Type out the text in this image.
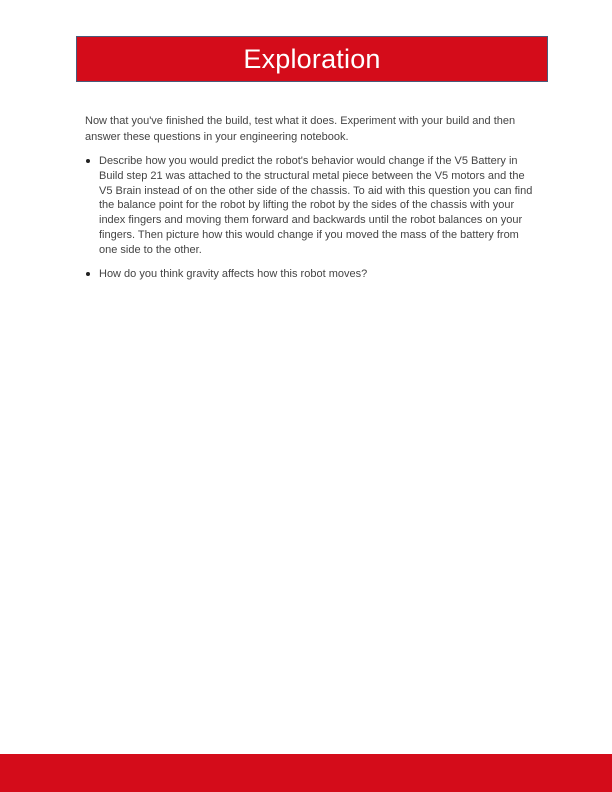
Exploration

Now that you've finished the build, test what it does. Experiment with your build and then answer these questions in your engineering notebook.

Describe how you would predict the robot's behavior would change if the V5 Battery in Build step 21 was attached to the structural metal piece between the V5 motors and the V5 Brain instead of on the other side of the chassis. To aid with this question you can find the balance point for the robot by lifting the robot by the sides of the chassis with your index fingers and moving them forward and backwards until the robot balances on your fingers. Then picture how this would change if you moved the mass of the battery from one side to the other.
How do you think gravity affects how this robot moves?
